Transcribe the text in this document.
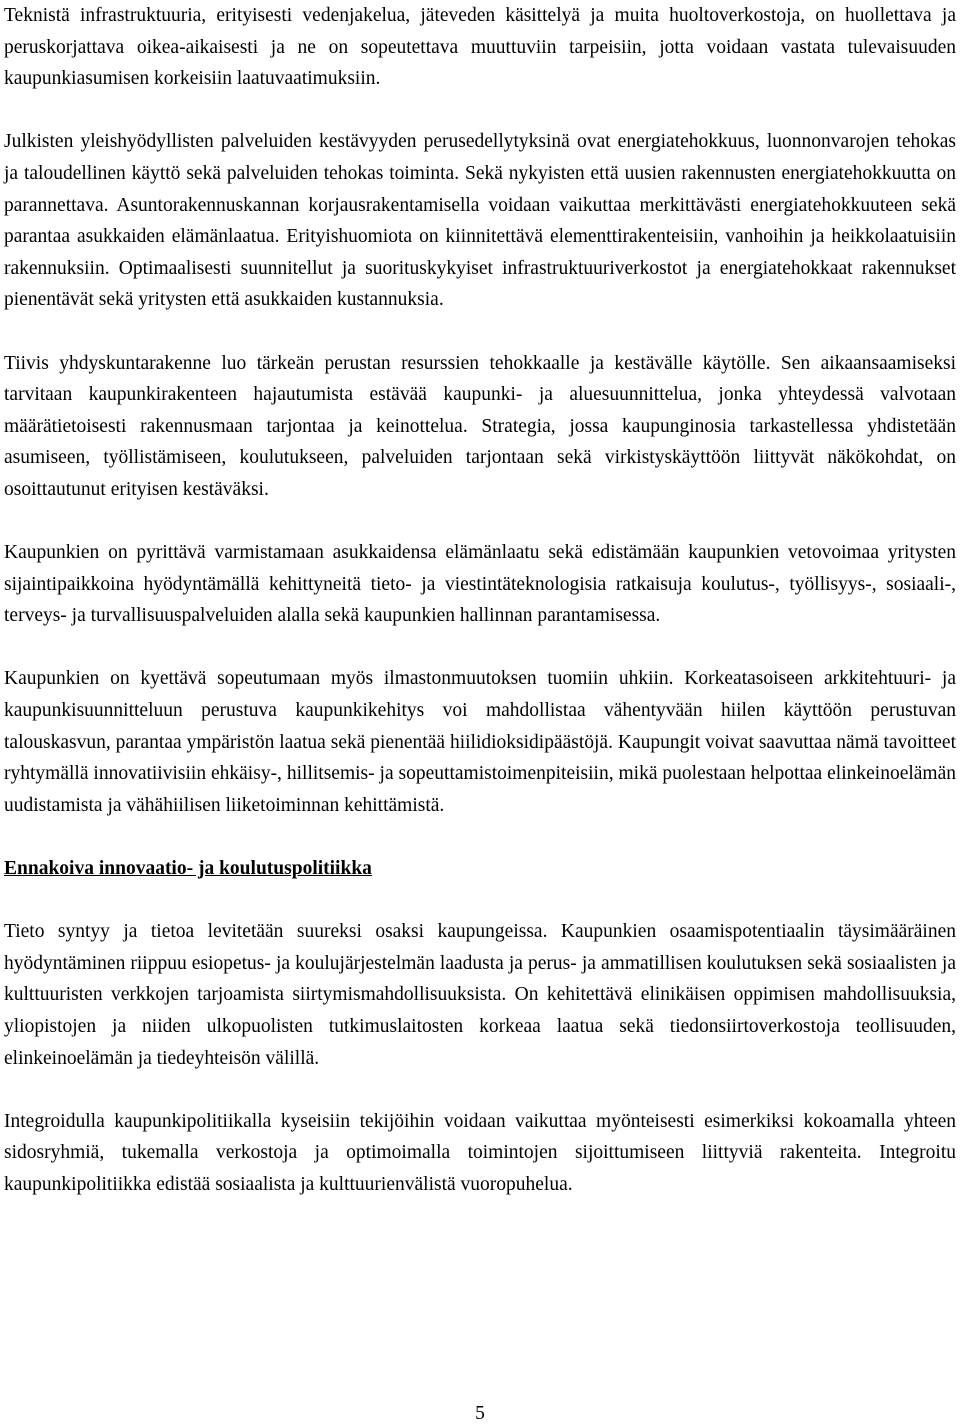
Teknistä infrastruktuuria, erityisesti vedenjakelua, jäteveden käsittelyä ja muita huoltoverkostoja, on huollettava ja peruskorjattava oikea-aikaisesti ja ne on sopeutettava muuttuviin tarpeisiin, jotta voidaan vastata tulevaisuuden kaupunkiasumisen korkeisiin laatuvaatimuksiin.

Julkisten yleishyödyllisten palveluiden kestävyyden perusedellytyksinä ovat energiatehokkuus, luonnonvarojen tehokas ja taloudellinen käyttö sekä palveluiden tehokas toiminta. Sekä nykyisten että uusien rakennusten energiatehokkuutta on parannettava. Asuntorakennuskannan korjausrakentamisella voidaan vaikuttaa merkittävästi energiatehokkuuteen sekä parantaa asukkaiden elämänlaatua. Erityishuomiota on kiinnitettävä elementtirakenteisiin, vanhoihin ja heikkolaatuisiin rakennuksiin. Optimaalisesti suunnitellut ja suorituskykyiset infrastruktuuriverkostot ja energiatehokkaat rakennukset pienentävät sekä yritysten että asukkaiden kustannuksia.

Tiivis yhdyskuntarakenne luo tärkeän perustan resurssien tehokkaalle ja kestävälle käytölle. Sen aikaansaamiseksi tarvitaan kaupunkirakenteen hajautumista estävää kaupunki- ja aluesuunnittelua, jonka yhteydessä valvotaan määrätietoisesti rakennusmaan tarjontaa ja keinottelua. Strategia, jossa kaupunginosia tarkastellessa yhdistetään asumiseen, työllistämiseen, koulutukseen, palveluiden tarjontaan sekä virkistyskäyttöön liittyvät näkökohdat, on osoittautunut erityisen kestäväksi.

Kaupunkien on pyrittävä varmistamaan asukkaidensa elämänlaatu sekä edistämään kaupunkien vetovoimaa yritysten sijaintipaikkoina hyödyntämällä kehittyneitä tieto- ja viestintäteknologisia ratkaisuja koulutus-, työllisyys-, sosiaali-, terveys- ja turvallisuuspalveluiden alalla sekä kaupunkien hallinnan parantamisessa.

Kaupunkien on kyettävä sopeutumaan myös ilmastonmuutoksen tuomiin uhkiin. Korkeatasoiseen arkkitehtuuri- ja kaupunkisuunnitteluun perustuva kaupunkikehitys voi mahdollistaa vähentyvään hiilen käyttöön perustuvan talouskasvun, parantaa ympäristön laatua sekä pienentää hiilidioksidipäästöjä. Kaupungit voivat saavuttaa nämä tavoitteet ryhtymällä innovatiivisiin ehkäisy-, hillitsemis- ja sopeuttamistoimenpiteisiin, mikä puolestaan helpottaa elinkeinoelämän uudistamista ja vähähiilisen liiketoiminnan kehittämistä.

Ennakoiva innovaatio- ja koulutuspolitiikka

Tieto syntyy ja tietoa levitetään suureksi osaksi kaupungeissa. Kaupunkien osaamispotentiaalin täysimääräinen hyödyntäminen riippuu esiopetus- ja koulujärjestelmän laadusta ja perus- ja ammatillisen koulutuksen sekä sosiaalisten ja kulttuuristen verkkojen tarjoamista siirtymismahdollisuuksista. On kehitettävä elinikäisen oppimisen mahdollisuuksia, yliopistojen ja niiden ulkopuolisten tutkimuslaitosten korkeaa laatua sekä tiedonsiirtoverkostoja teollisuuden, elinkeinoelämän ja tiedeyhteisön välillä.

Integroidulla kaupunkipolitiikalla kyseisiin tekijöihin voidaan vaikuttaa myönteisesti esimerkiksi kokoamalla yhteen sidosryhmiä, tukemalla verkostoja ja optimoimalla toimintojen sijoittumiseen liittyviä rakenteita. Integroitu kaupunkipolitiikka edistää sosiaalista ja kulttuurienvälistä vuoropuhelua.

5
